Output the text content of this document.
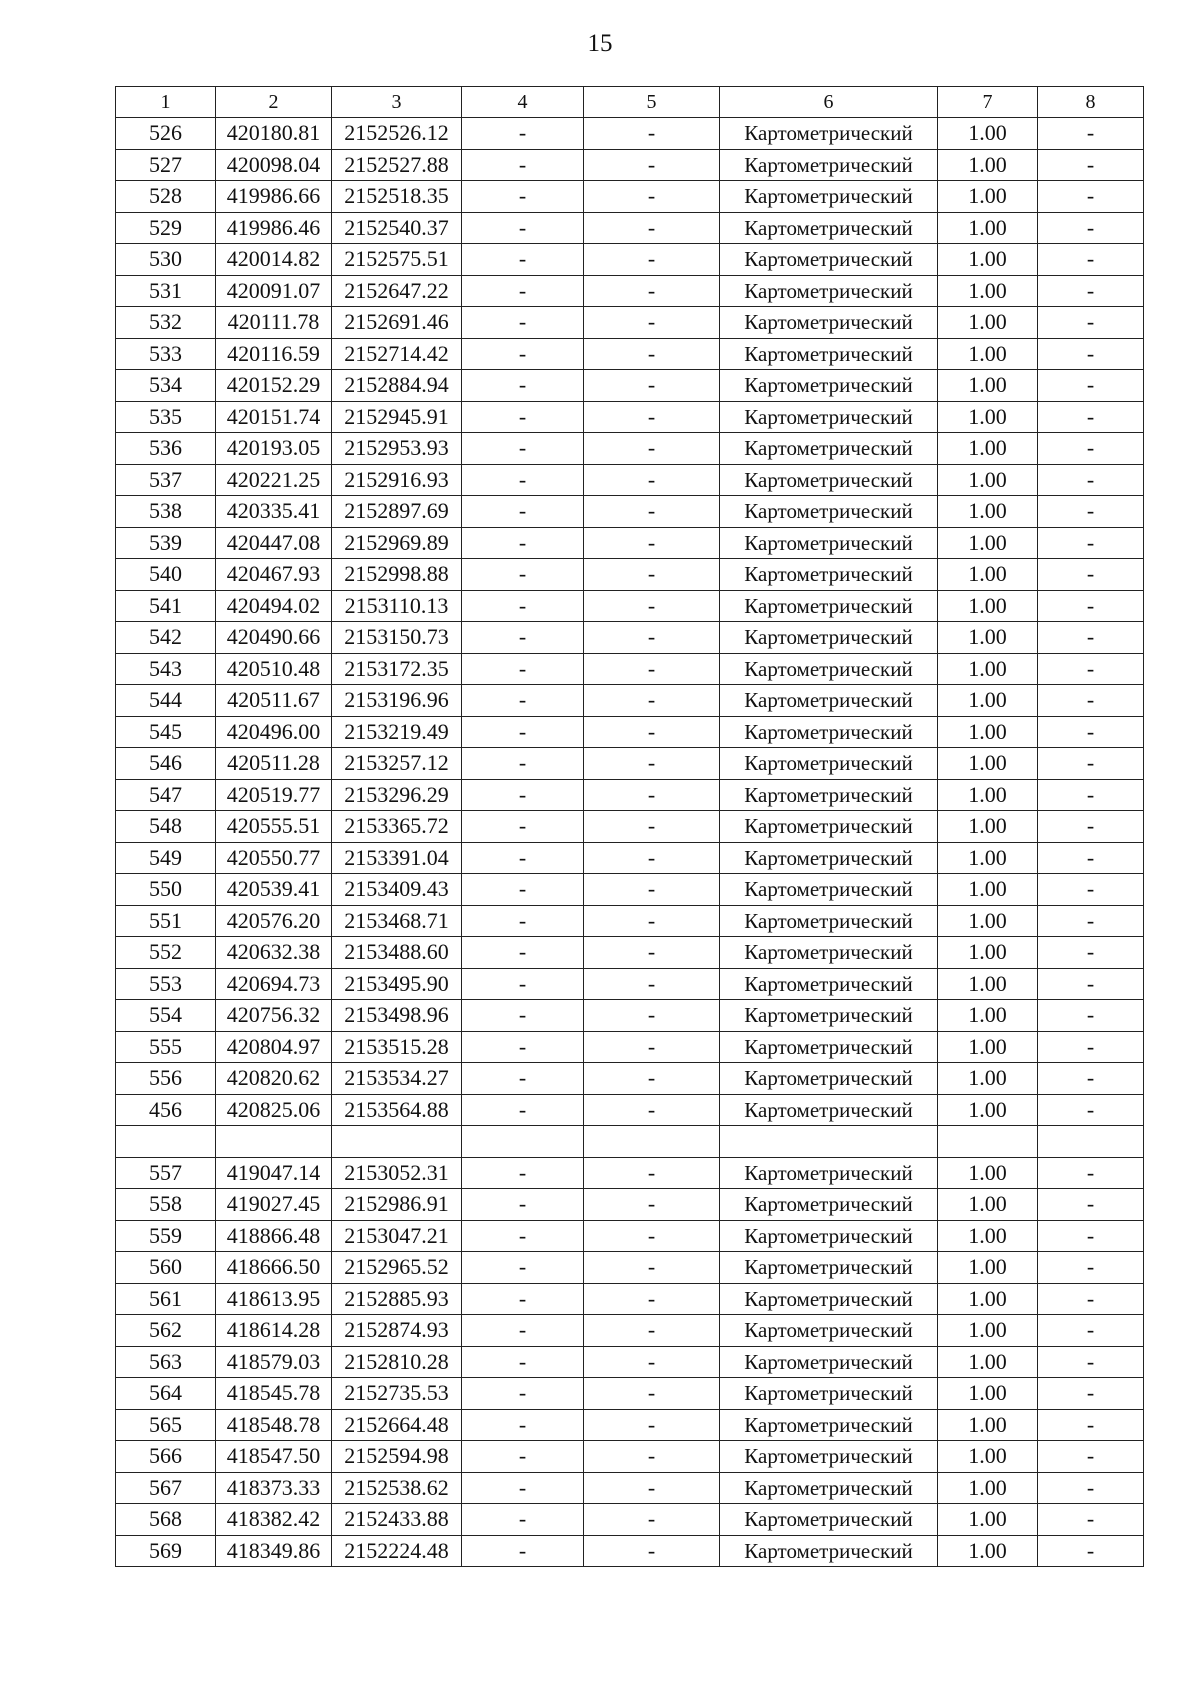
15
1	2	3	4	5	6	7	8
526	420180.81	2152526.12	-	-	Картометрический	1.00	-
527	420098.04	2152527.88	-	-	Картометрический	1.00	-
528	419986.66	2152518.35	-	-	Картометрический	1.00	-
529	419986.46	2152540.37	-	-	Картометрический	1.00	-
530	420014.82	2152575.51	-	-	Картометрический	1.00	-
531	420091.07	2152647.22	-	-	Картометрический	1.00	-
532	420111.78	2152691.46	-	-	Картометрический	1.00	-
533	420116.59	2152714.42	-	-	Картометрический	1.00	-
534	420152.29	2152884.94	-	-	Картометрический	1.00	-
535	420151.74	2152945.91	-	-	Картометрический	1.00	-
536	420193.05	2152953.93	-	-	Картометрический	1.00	-
537	420221.25	2152916.93	-	-	Картометрический	1.00	-
538	420335.41	2152897.69	-	-	Картометрический	1.00	-
539	420447.08	2152969.89	-	-	Картометрический	1.00	-
540	420467.93	2152998.88	-	-	Картометрический	1.00	-
541	420494.02	2153110.13	-	-	Картометрический	1.00	-
542	420490.66	2153150.73	-	-	Картометрический	1.00	-
543	420510.48	2153172.35	-	-	Картометрический	1.00	-
544	420511.67	2153196.96	-	-	Картометрический	1.00	-
545	420496.00	2153219.49	-	-	Картометрический	1.00	-
546	420511.28	2153257.12	-	-	Картометрический	1.00	-
547	420519.77	2153296.29	-	-	Картометрический	1.00	-
548	420555.51	2153365.72	-	-	Картометрический	1.00	-
549	420550.77	2153391.04	-	-	Картометрический	1.00	-
550	420539.41	2153409.43	-	-	Картометрический	1.00	-
551	420576.20	2153468.71	-	-	Картометрический	1.00	-
552	420632.38	2153488.60	-	-	Картометрический	1.00	-
553	420694.73	2153495.90	-	-	Картометрический	1.00	-
554	420756.32	2153498.96	-	-	Картометрический	1.00	-
555	420804.97	2153515.28	-	-	Картометрический	1.00	-
556	420820.62	2153534.27	-	-	Картометрический	1.00	-
456	420825.06	2153564.88	-	-	Картометрический	1.00	-

557	419047.14	2153052.31	-	-	Картометрический	1.00	-
558	419027.45	2152986.91	-	-	Картометрический	1.00	-
559	418866.48	2153047.21	-	-	Картометрический	1.00	-
560	418666.50	2152965.52	-	-	Картометрический	1.00	-
561	418613.95	2152885.93	-	-	Картометрический	1.00	-
562	418614.28	2152874.93	-	-	Картометрический	1.00	-
563	418579.03	2152810.28	-	-	Картометрический	1.00	-
564	418545.78	2152735.53	-	-	Картометрический	1.00	-
565	418548.78	2152664.48	-	-	Картометрический	1.00	-
566	418547.50	2152594.98	-	-	Картометрический	1.00	-
567	418373.33	2152538.62	-	-	Картометрический	1.00	-
568	418382.42	2152433.88	-	-	Картометрический	1.00	-
569	418349.86	2152224.48	-	-	Картометрический	1.00	-
